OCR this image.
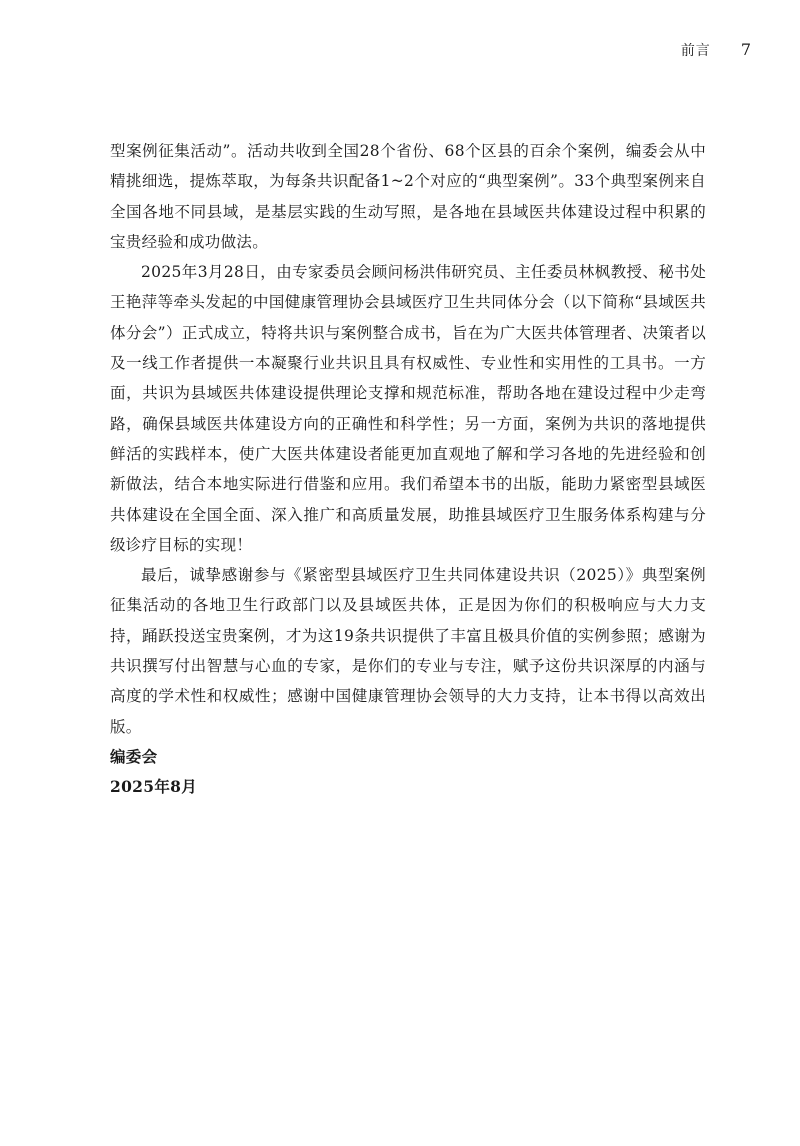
前言 7

型案例征集活动”。活动共收到全国28个省份、68个区县的百余个案例，编委会从中精挑细选，提炼萃取，为每条共识配备1~2个对应的“典型案例”。33个典型案例来自全国各地不同县域，是基层实践的生动写照，是各地在县域医共体建设过程中积累的宝贵经验和成功做法。

2025年3月28日，由专家委员会顾问杨洪伟研究员、主任委员林枫教授、秘书处王艳萍等牵头发起的中国健康管理协会县域医疗卫生共同体分会（以下简称“县域医共体分会”）正式成立，特将共识与案例整合成书，旨在为广大医共体管理者、决策者以及一线工作者提供一本凝聚行业共识且具有权威性、专业性和实用性的工具书。一方面，共识为县域医共体建设提供理论支撑和规范标准，帮助各地在建设过程中少走弯路，确保县域医共体建设方向的正确性和科学性；另一方面，案例为共识的落地提供鲜活的实践样本，使广大医共体建设者能更加直观地了解和学习各地的先进经验和创新做法，结合本地实际进行借鉴和应用。我们希望本书的出版，能助力紧密型县域医共体建设在全国全面、深入推广和高质量发展，助推县域医疗卫生服务体系构建与分级诊疗目标的实现！

最后，诚挚感谢参与《紧密型县域医疗卫生共同体建设共识（2025）》典型案例征集活动的各地卫生行政部门以及县域医共体，正是因为你们的积极响应与大力支持，踊跃投送宝贵案例，才为这19条共识提供了丰富且极具价值的实例参照；感谢为共识撰写付出智慧与心血的专家，是你们的专业与专注，赋予这份共识深厚的内涵与高度的学术性和权威性；感谢中国健康管理协会领导的大力支持，让本书得以高效出版。

编委会

2025年8月
